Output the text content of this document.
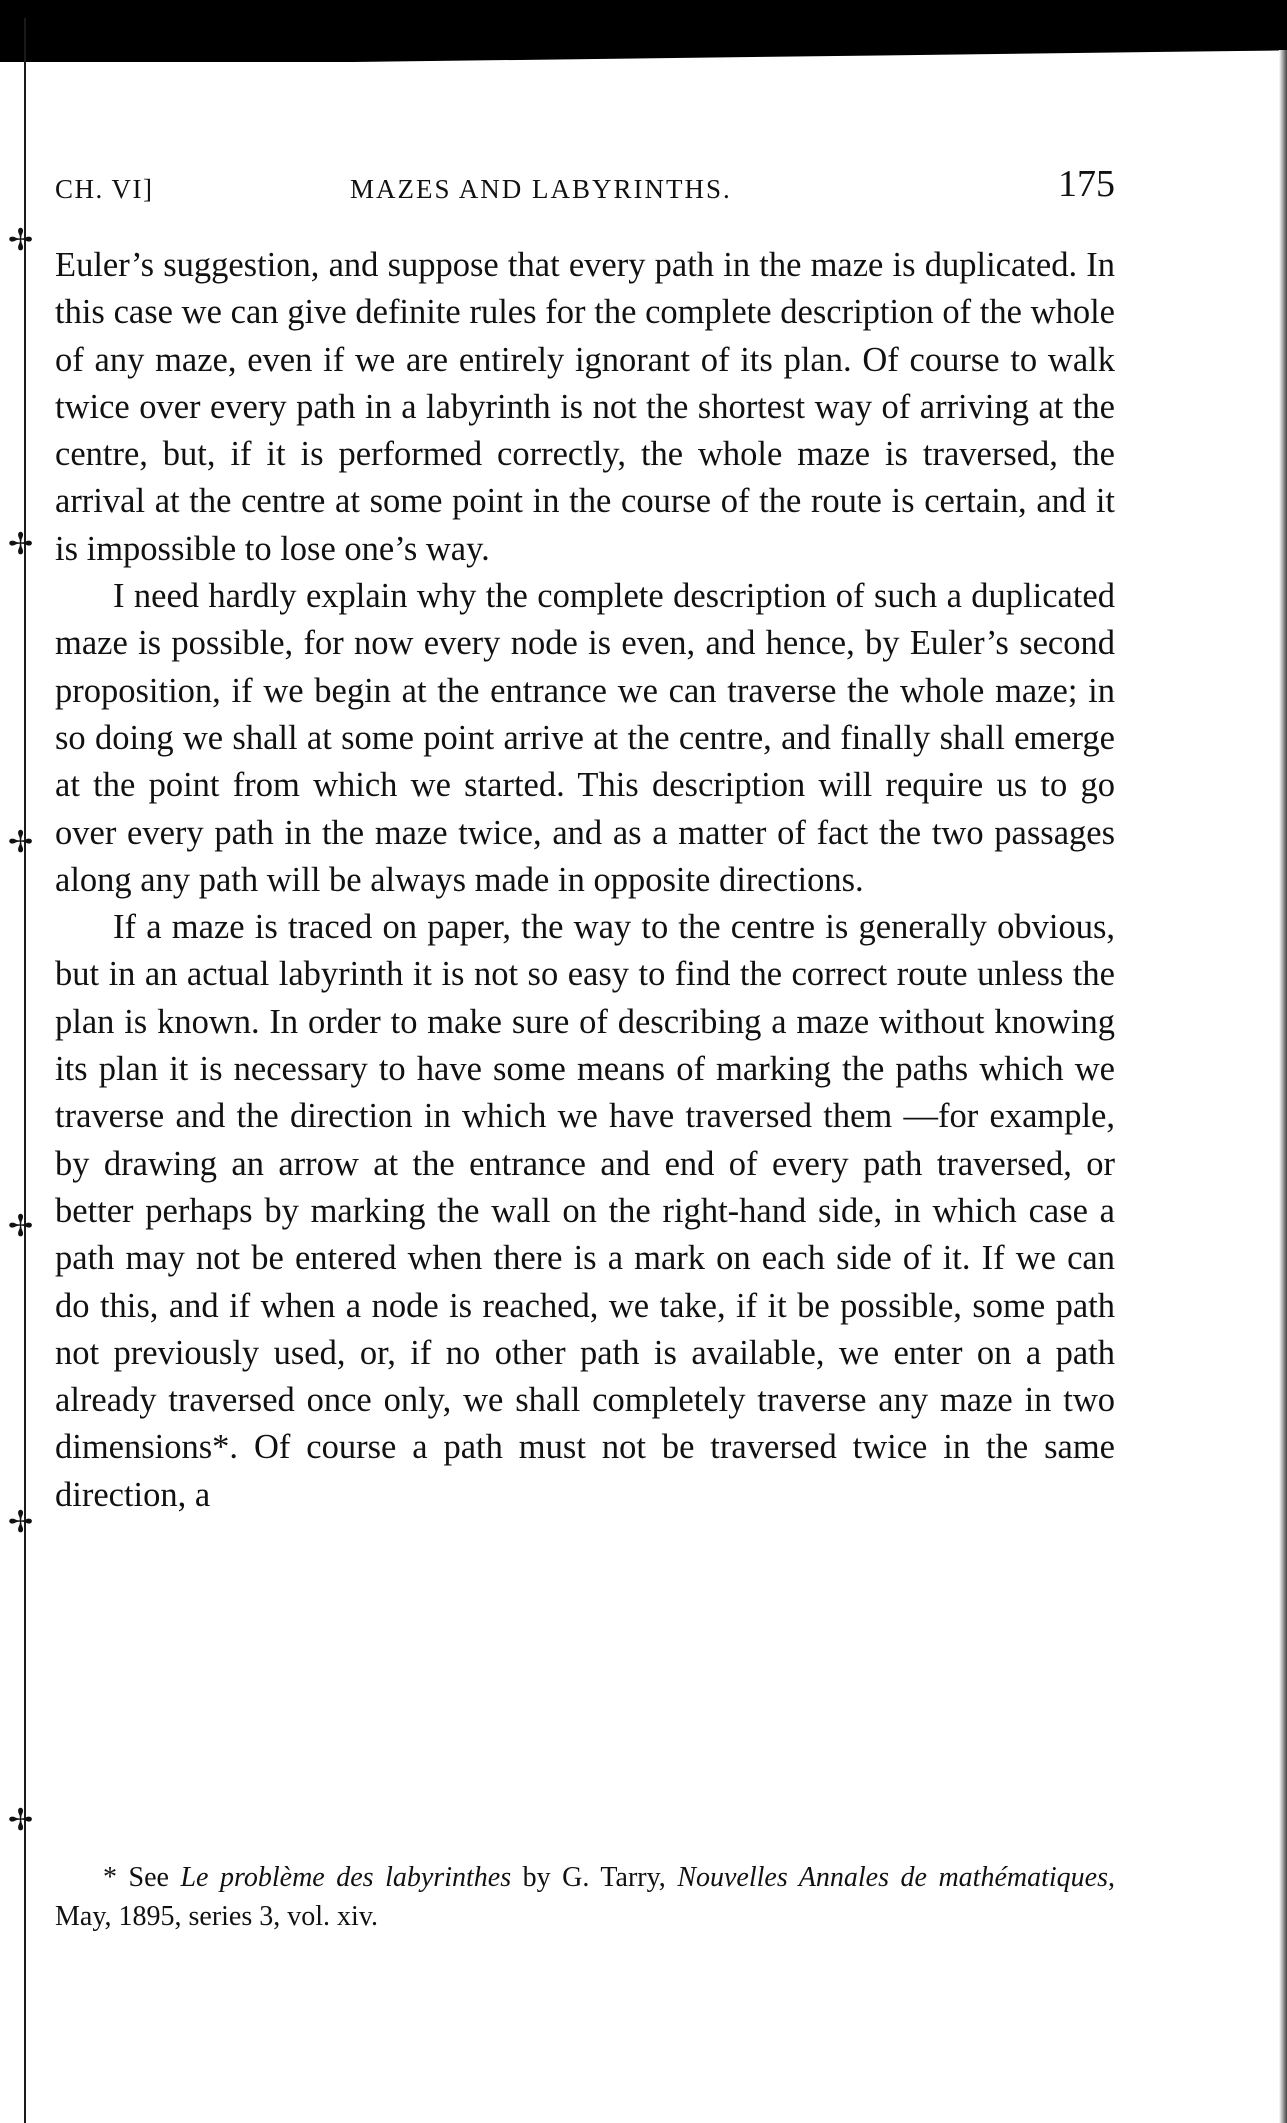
✢
✢
✢
✢
✢
✢
CH. VI]	MAZES AND LABYRINTHS.	175

Euler’s suggestion, and suppose that every path in the maze is duplicated. In this case we can give definite rules for the complete description of the whole of any maze, even if we are entirely ignorant of its plan. Of course to walk twice over every path in a labyrinth is not the shortest way of arriving at the centre, but, if it is performed correctly, the whole maze is traversed, the arrival at the centre at some point in the course of the route is certain, and it is impossible to lose one’s way.

I need hardly explain why the complete description of such a duplicated maze is possible, for now every node is even, and hence, by Euler’s second proposition, if we begin at the entrance we can traverse the whole maze; in so doing we shall at some point arrive at the centre, and finally shall emerge at the point from which we started. This description will require us to go over every path in the maze twice, and as a matter of fact the two passages along any path will be always made in opposite directions.

If a maze is traced on paper, the way to the centre is generally obvious, but in an actual labyrinth it is not so easy to find the correct route unless the plan is known. In order to make sure of describing a maze without knowing its plan it is necessary to have some means of marking the paths which we traverse and the direction in which we have traversed them —for example, by drawing an arrow at the entrance and end of every path traversed, or better perhaps by marking the wall on the right-hand side, in which case a path may not be entered when there is a mark on each side of it. If we can do this, and if when a node is reached, we take, if it be possible, some path not previously used, or, if no other path is available, we enter on a path already traversed once only, we shall completely traverse any maze in two dimensions*. Of course a path must not be traversed twice in the same direction, a

* See Le problème des labyrinthes by G. Tarry, Nouvelles Annales de mathématiques, May, 1895, series 3, vol. xiv.
